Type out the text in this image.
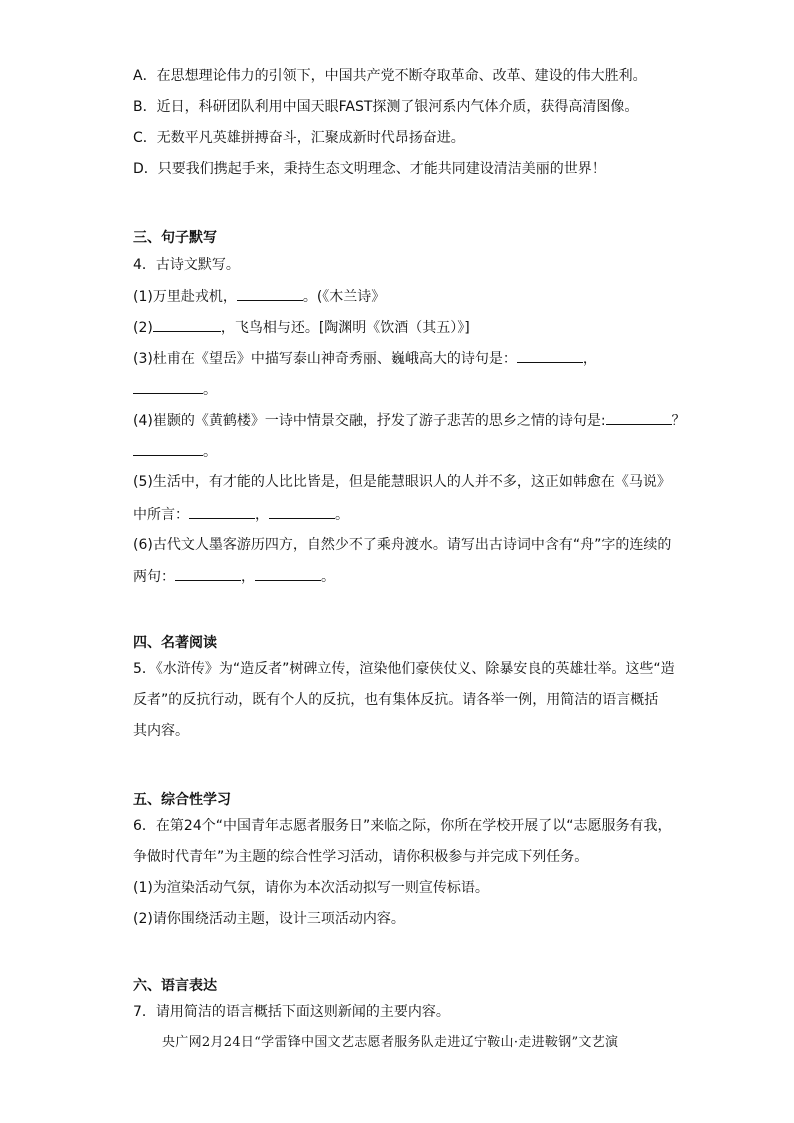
A．在思想理论伟力的引领下，中国共产党不断夺取革命、改革、建设的伟大胜利。
B．近日，科研团队利用中国天眼FAST探测了银河系内气体介质，获得高清图像。
C．无数平凡英雄拼搏奋斗，汇聚成新时代昂扬奋进。
D．只要我们携起手来，秉持生态文明理念、才能共同建设清洁美丽的世界！
三、句子默写
4．古诗文默写。
(1)万里赴戎机，	。(《木兰诗》
(2)	，飞鸟相与还。[陶渊明《饮酒（其五）》]
(3)杜甫在《望岳》中描写泰山神奇秀丽、巍峨高大的诗句是：	，
。
(4)崔颢的《黄鹤楼》一诗中情景交融，抒发了游子悲苦的思乡之情的诗句是:	？
。
(5)生活中，有才能的人比比皆是，但是能慧眼识人的人并不多，这正如韩愈在《马说》
中所言：	，	。
(6)古代文人墨客游历四方，自然少不了乘舟渡水。请写出古诗词中含有“舟”字的连续的
两句：	，	。
四、名著阅读
5．《水浒传》为“造反者”树碑立传，渲染他们豪侠仗义、除暴安良的英雄壮举。这些“造
反者”的反抗行动，既有个人的反抗，也有集体反抗。请各举一例，用简洁的语言概括
其内容。
五、综合性学习
6．在第24个“中国青年志愿者服务日”来临之际，你所在学校开展了以“志愿服务有我，
争做时代青年”为主题的综合性学习活动，请你积极参与并完成下列任务。
(1)为渲染活动气氛，请你为本次活动拟写一则宣传标语。
(2)请你围绕活动主题，设计三项活动内容。
六、语言表达
7．请用简洁的语言概括下面这则新闻的主要内容。
央广网2月24日“学雷锋中国文艺志愿者服务队走进辽宁鞍山·走进鞍钢”文艺演
